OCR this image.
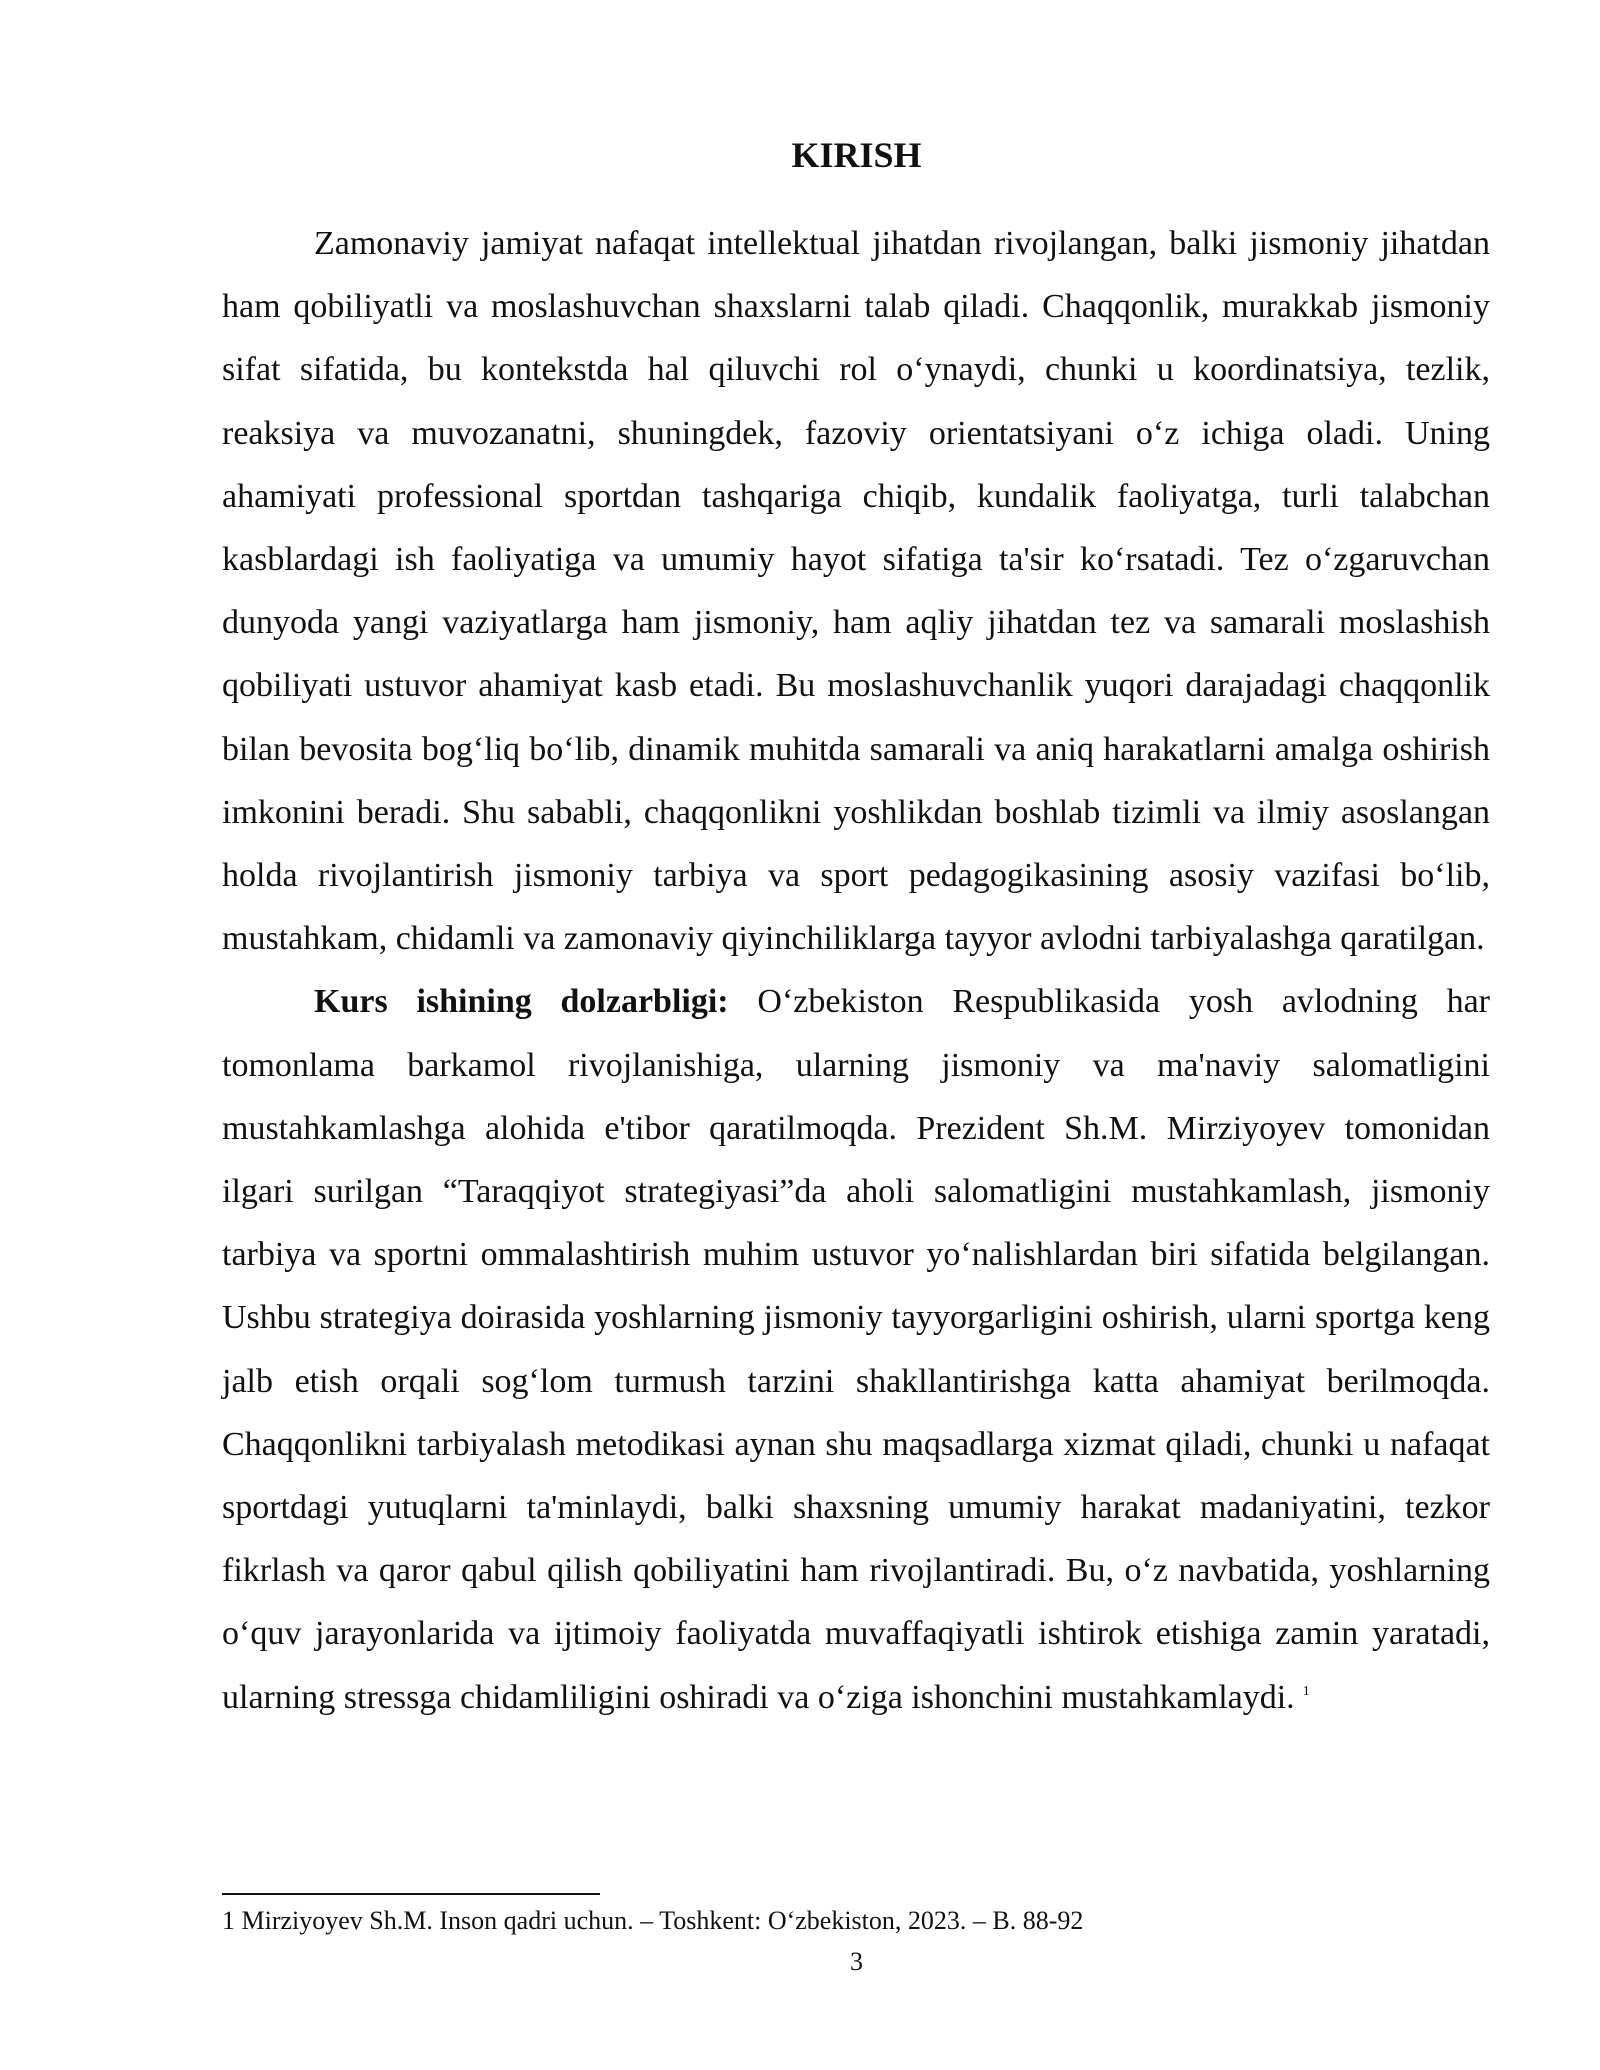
KIRISH

Zamonaviy jamiyat nafaqat intellektual jihatdan rivojlangan, balki jismoniy jihatdan ham qobiliyatli va moslashuvchan shaxslarni talab qiladi. Chaqqonlik, murakkab jismoniy sifat sifatida, bu kontekstda hal qiluvchi rol o‘ynaydi, chunki u koordinatsiya, tezlik, reaksiya va muvozanatni, shuningdek, fazoviy orientatsiyani o‘z ichiga oladi. Uning ahamiyati professional sportdan tashqariga chiqib, kundalik faoliyatga, turli talabchan kasblardagi ish faoliyatiga va umumiy hayot sifatiga ta'sir ko‘rsatadi. Tez o‘zgaruvchan dunyoda yangi vaziyatlarga ham jismoniy, ham aqliy jihatdan tez va samarali moslashish qobiliyati ustuvor ahamiyat kasb etadi. Bu moslashuvchanlik yuqori darajadagi chaqqonlik bilan bevosita bog‘liq bo‘lib, dinamik muhitda samarali va aniq harakatlarni amalga oshirish imkonini beradi. Shu sababli, chaqqonlikni yoshlikdan boshlab tizimli va ilmiy asoslangan holda rivojlantirish jismoniy tarbiya va sport pedagogikasining asosiy vazifasi bo‘lib, mustahkam, chidamli va zamonaviy qiyinchiliklarga tayyor avlodni tarbiyalashga qaratilgan.

Kurs ishining dolzarbligi: O‘zbekiston Respublikasida yosh avlodning har tomonlama barkamol rivojlanishiga, ularning jismoniy va ma'naviy salomatligini mustahkamlashga alohida e'tibor qaratilmoqda. Prezident Sh.M. Mirziyoyev tomonidan ilgari surilgan “Taraqqiyot strategiyasi”da aholi salomatligini mustahkamlash, jismoniy tarbiya va sportni ommalashtirish muhim ustuvor yo‘nalishlardan biri sifatida belgilangan. Ushbu strategiya doirasida yoshlarning jismoniy tayyorgarligini oshirish, ularni sportga keng jalb etish orqali sog‘lom turmush tarzini shakllantirishga katta ahamiyat berilmoqda. Chaqqonlikni tarbiyalash metodikasi aynan shu maqsadlarga xizmat qiladi, chunki u nafaqat sportdagi yutuqlarni ta'minlaydi, balki shaxsning umumiy harakat madaniyatini, tezkor fikrlash va qaror qabul qilish qobiliyatini ham rivojlantiradi. Bu, o‘z navbatida, yoshlarning o‘quv jarayonlarida va ijtimoiy faoliyatda muvaffaqiyatli ishtirok etishiga zamin yaratadi, ularning stressga chidamliligini oshiradi va o‘ziga ishonchini mustahkamlaydi. $^1$

1 Mirziyoyev Sh.M. Inson qadri uchun. – Toshkent: O‘zbekiston, 2023. – B. 88-92

3
